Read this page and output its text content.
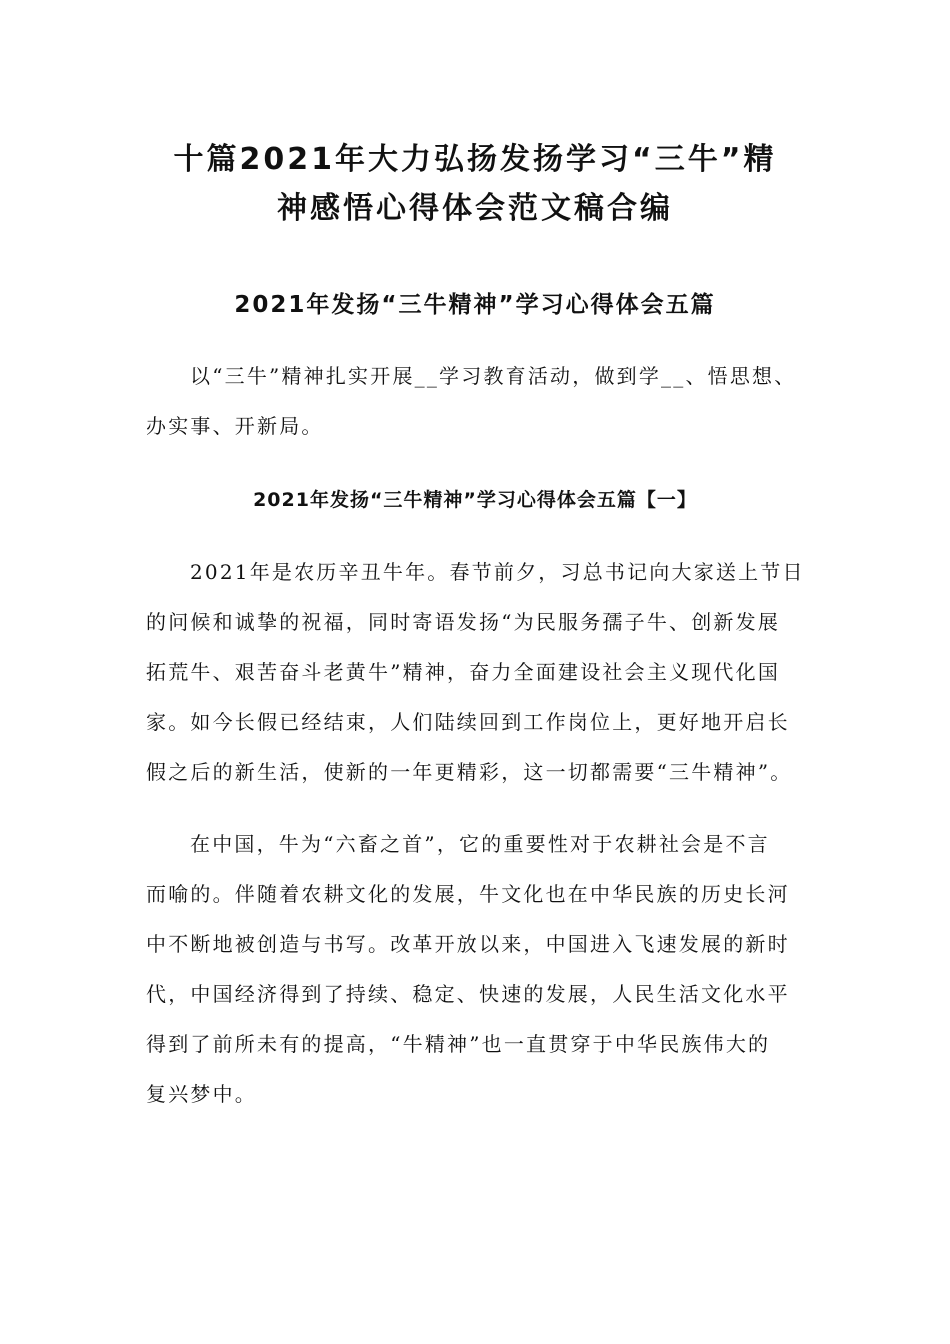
十篇2021年大力弘扬发扬学习“三牛”精
神感悟心得体会范文稿合编
2021年发扬“三牛精神”学习心得体会五篇

以“三牛”精神扎实开展__学习教育活动，做到学__、悟思想、

办实事、开新局。

2021年发扬“三牛精神”学习心得体会五篇【一】

2021年是农历辛丑牛年。春节前夕，习总书记向大家送上节日

的问候和诚挚的祝福，同时寄语发扬“为民服务孺子牛、创新发展

拓荒牛、艰苦奋斗老黄牛”精神，奋力全面建设社会主义现代化国

家。如今长假已经结束，人们陆续回到工作岗位上，更好地开启长

假之后的新生活，使新的一年更精彩，这一切都需要“三牛精神”。

在中国，牛为“六畜之首”，它的重要性对于农耕社会是不言

而喻的。伴随着农耕文化的发展，牛文化也在中华民族的历史长河

中不断地被创造与书写。改革开放以来，中国进入飞速发展的新时

代，中国经济得到了持续、稳定、快速的发展，人民生活文化水平

得到了前所未有的提高，“牛精神”也一直贯穿于中华民族伟大的

复兴梦中。
